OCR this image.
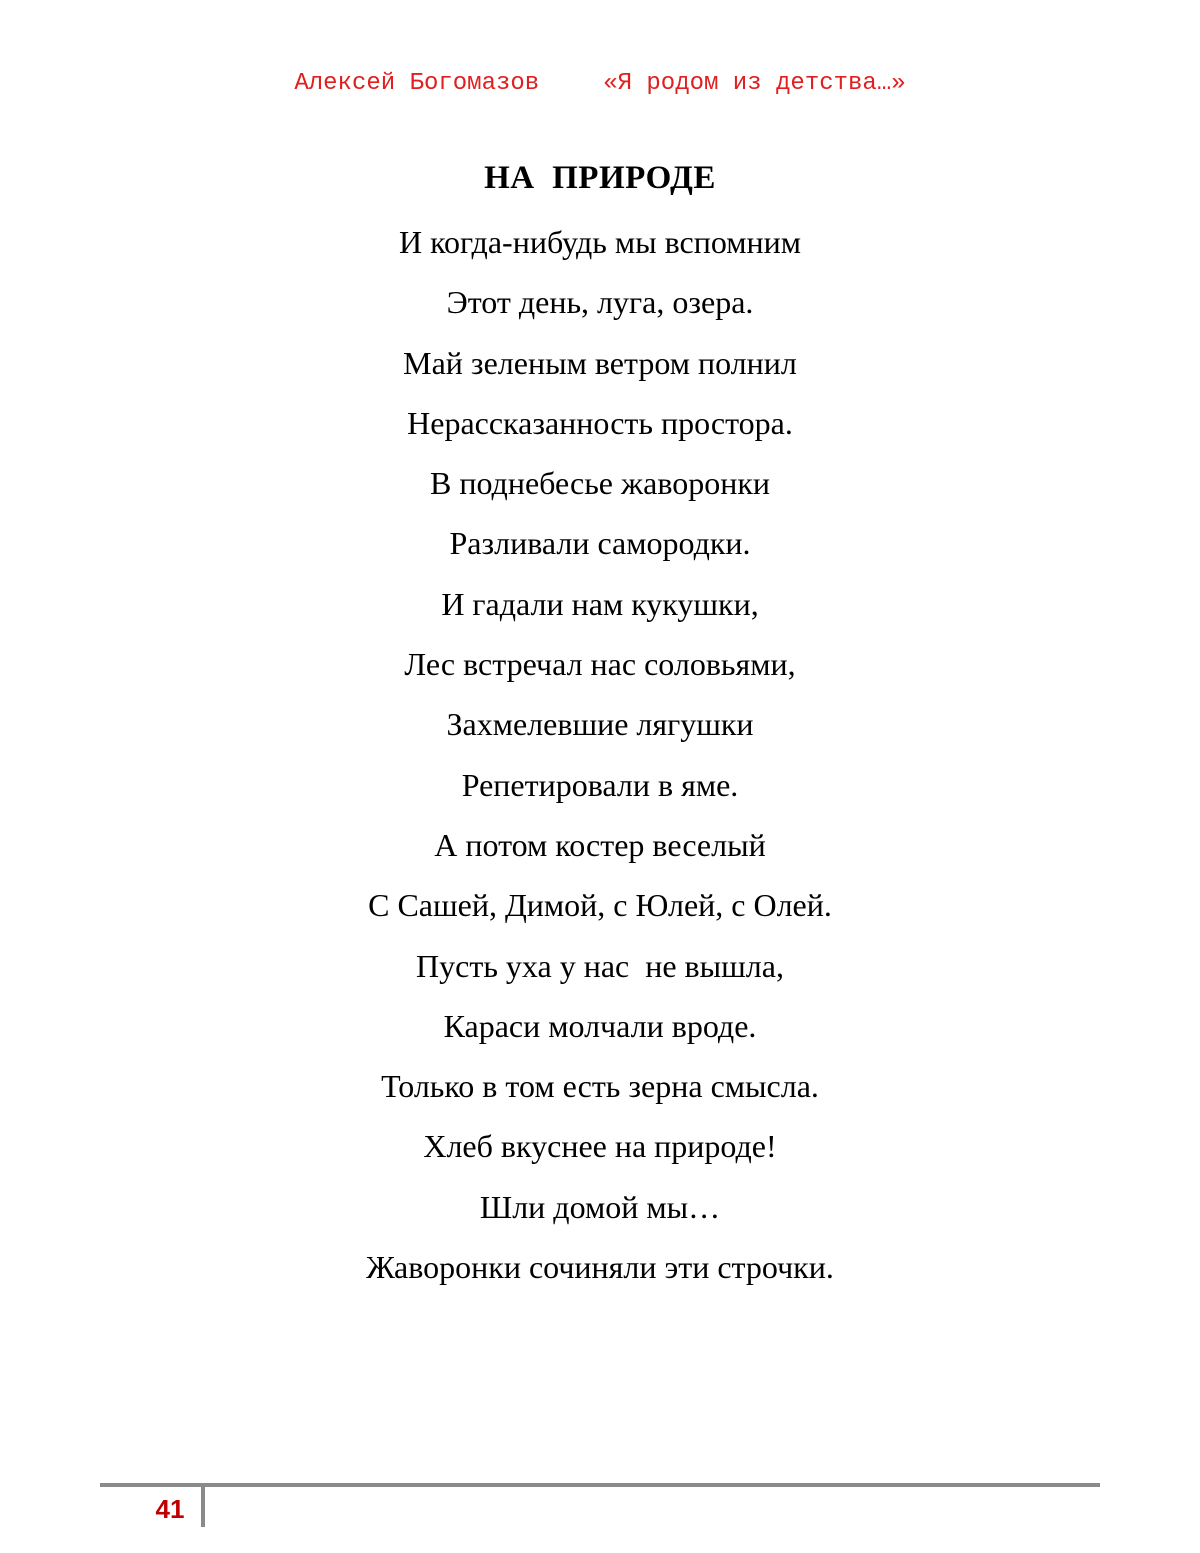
Алексей Богомазов	«Я родом из детства…»
НА  ПРИРОДЕ
И когда-нибудь мы вспомним
Этот день, луга, озера.
Май зеленым ветром полнил
Нерассказанность простора.
В поднебесье жаворонки
Разливали самородки.
И гадали нам кукушки,
Лес встречал нас соловьями,
Захмелевшие лягушки
Репетировали в яме.
А потом костер веселый
С Сашей, Димой, с Юлей, с Олей.
Пусть уха у нас  не вышла,
Караси молчали вроде.
Только в том есть зерна смысла.
Хлеб вкуснее на природе!
Шли домой мы…
Жаворонки сочиняли эти строчки.
41
